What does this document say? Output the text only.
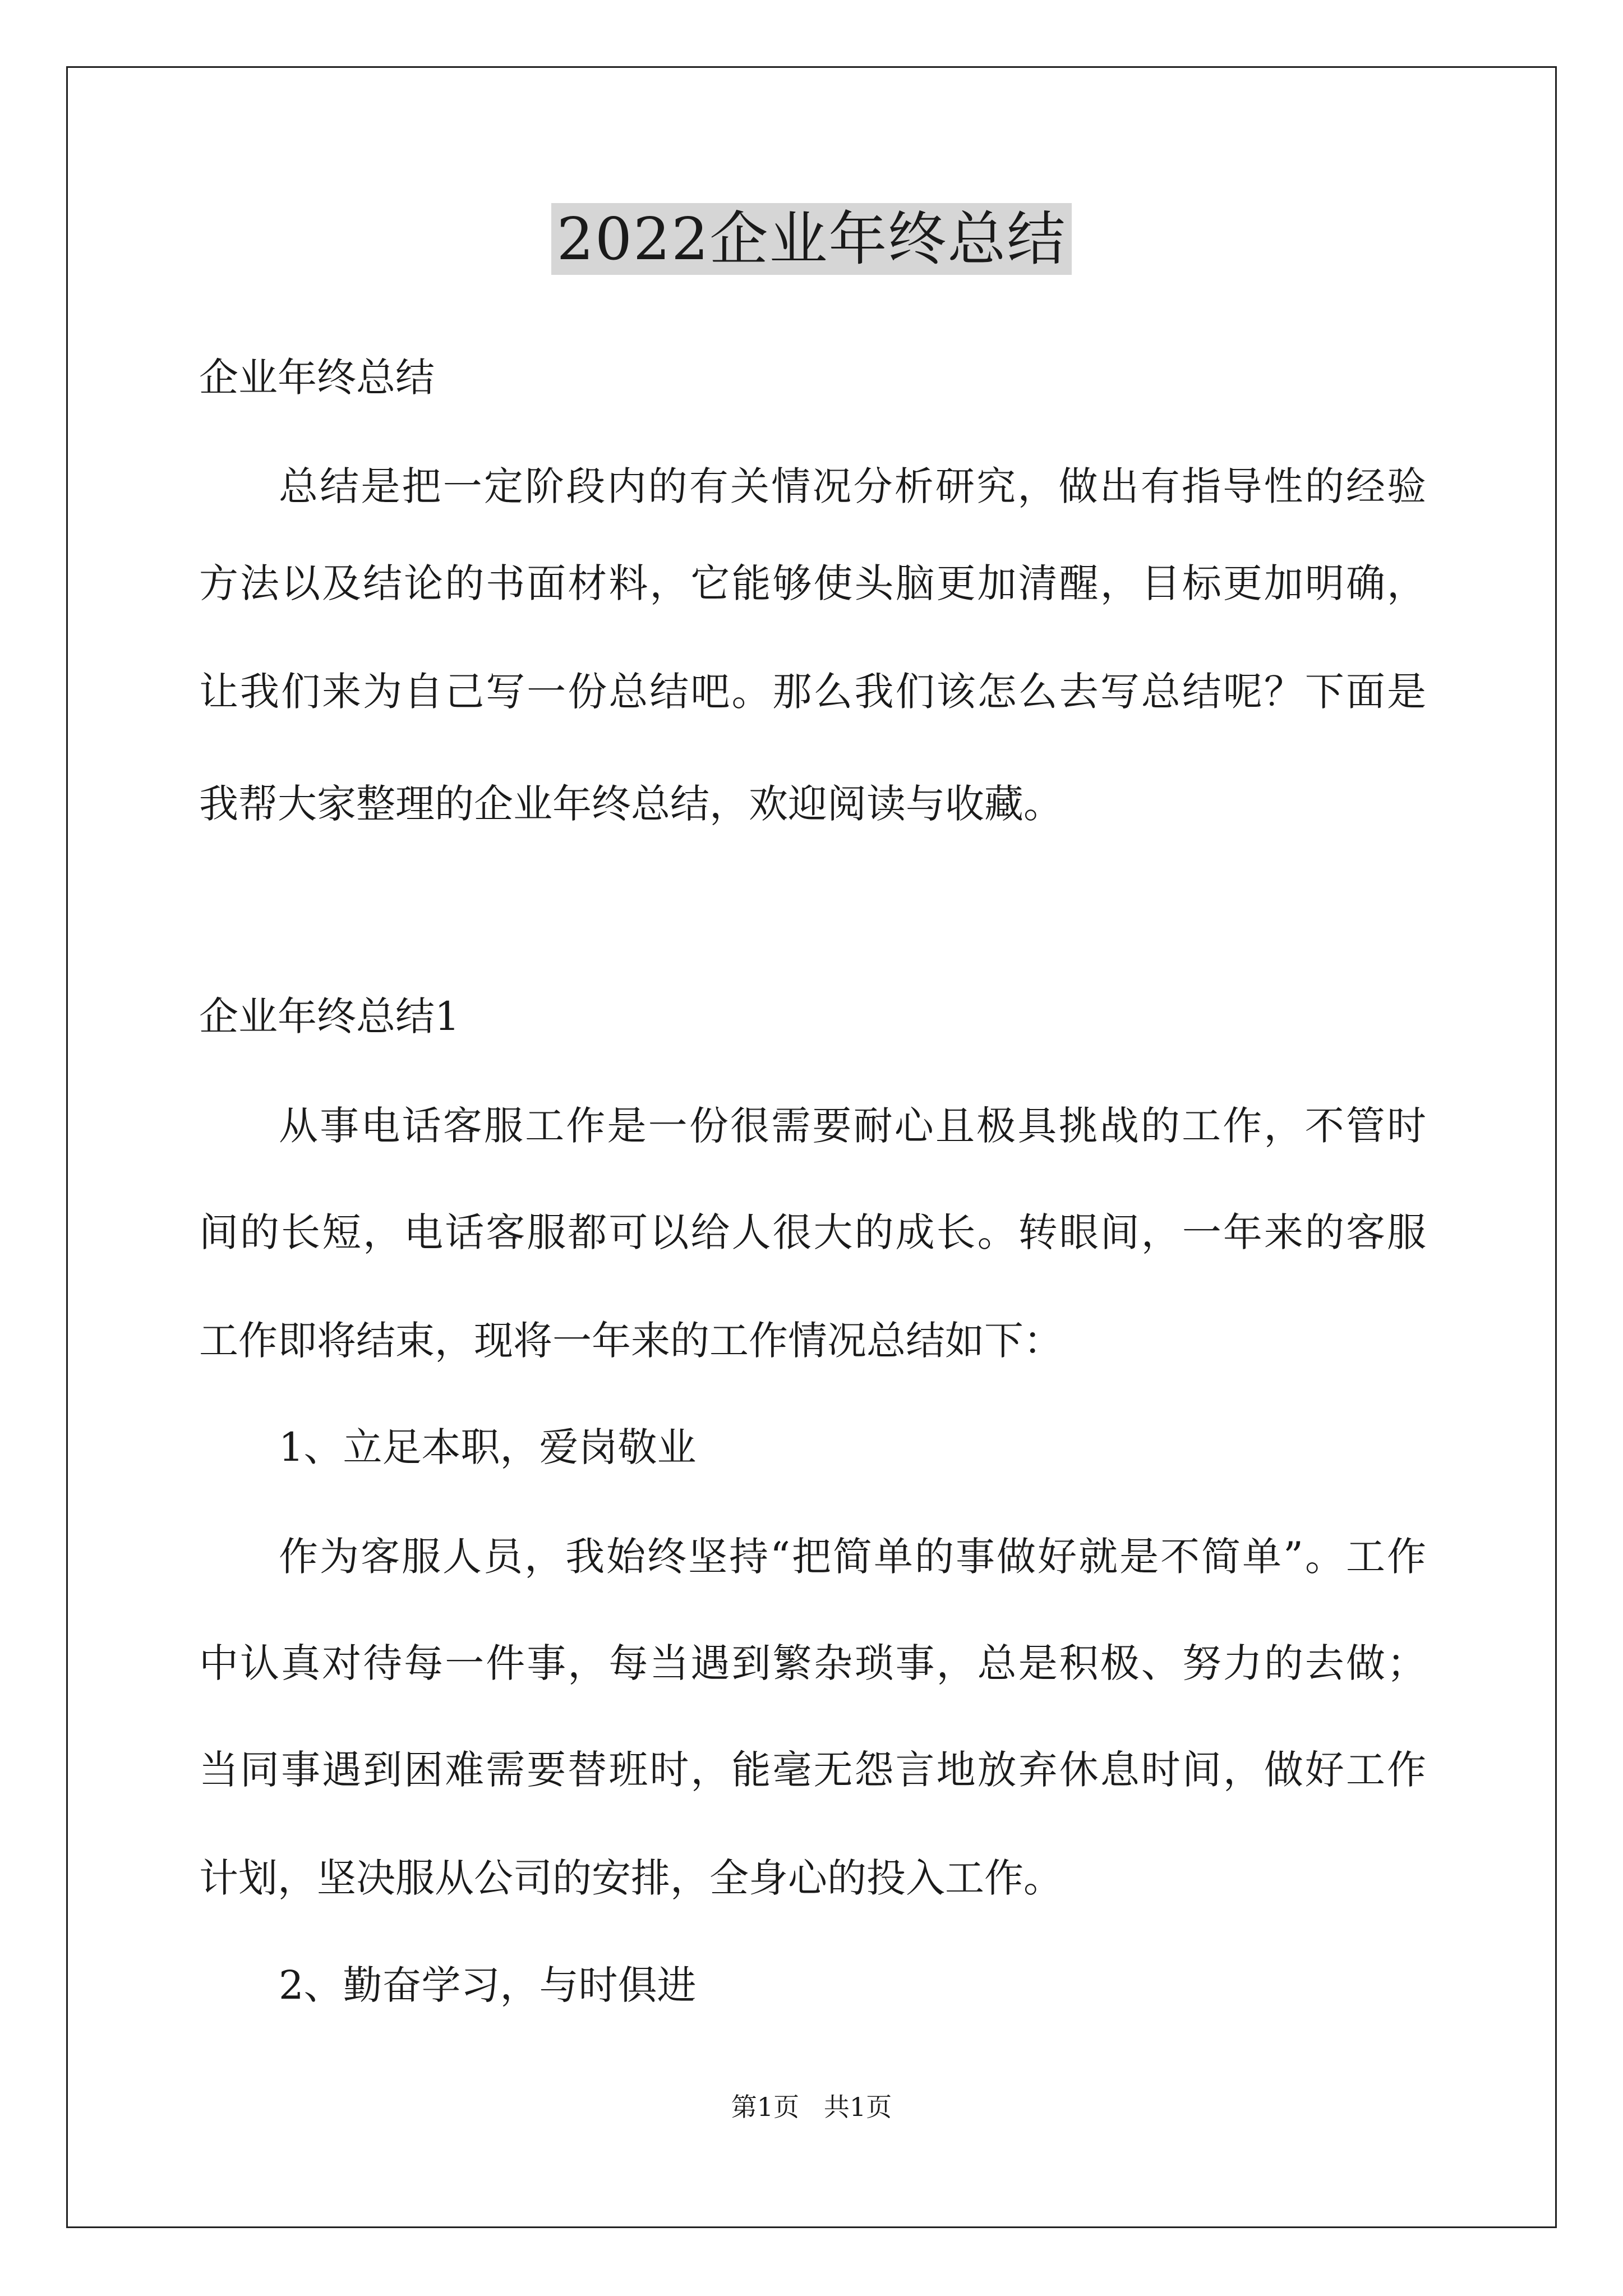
2022企业年终总结
企业年终总结
总结是把一定阶段内的有关情况分析研究，做出有指导性的经验
方法以及结论的书面材料，它能够使头脑更加清醒，目标更加明确，
让我们来为自己写一份总结吧。那么我们该怎么去写总结呢？下面是
我帮大家整理的企业年终总结，欢迎阅读与收藏。
企业年终总结1
从事电话客服工作是一份很需要耐心且极具挑战的工作，不管时
间的长短，电话客服都可以给人很大的成长。转眼间，一年来的客服
工作即将结束，现将一年来的工作情况总结如下：
1、立足本职，爱岗敬业
作为客服人员，我始终坚持“把简单的事做好就是不简单”。工作
中认真对待每一件事，每当遇到繁杂琐事，总是积极、努力的去做；
当同事遇到困难需要替班时，能毫无怨言地放弃休息时间，做好工作
计划，坚决服从公司的安排，全身心的投入工作。
2、勤奋学习，与时俱进
第1页   共1页
